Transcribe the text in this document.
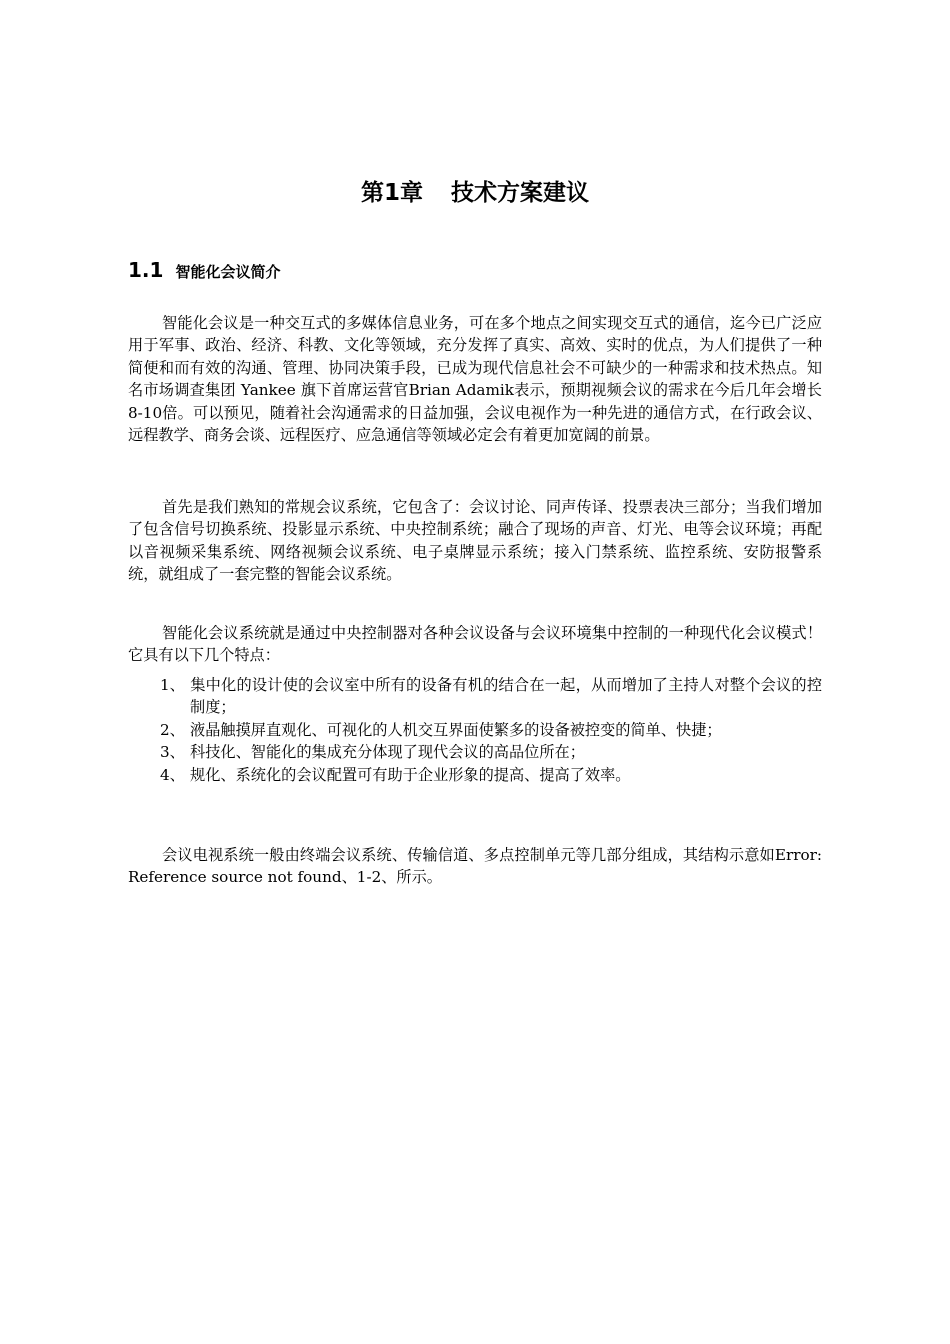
第1章 技术方案建议
1.1 智能化会议简介

智能化会议是一种交互式的多媒体信息业务，可在多个地点之间实现交互式的通信，迄今已广泛应用于军事、政治、经济、科教、文化等领域，充分发挥了真实、高效、实时的优点，为人们提供了一种简便和而有效的沟通、管理、协同决策手段，已成为现代信息社会不可缺少的一种需求和技术热点。知名市场调查集团 Yankee 旗下首席运营官Brian Adamik表示，预期视频会议的需求在今后几年会增长 8-10倍。可以预见，随着社会沟通需求的日益加强，会议电视作为一种先进的通信方式，在行政会议、远程教学、商务会谈、远程医疗、应急通信等领域必定会有着更加宽阔的前景。

首先是我们熟知的常规会议系统，它包含了：会议讨论、同声传译、投票表决三部分；当我们增加了包含信号切换系统、投影显示系统、中央控制系统；融合了现场的声音、灯光、电等会议环境；再配以音视频采集系统、网络视频会议系统、电子桌牌显示系统；接入门禁系统、监控系统、安防报警系统，就组成了一套完整的智能会议系统。

智能化会议系统就是通过中央控制器对各种会议设备与会议环境集中控制的一种现代化会议模式！它具有以下几个特点：

1、 集中化的设计使的会议室中所有的设备有机的结合在一起，从而增加了主持人对整个会议的控制度；
2、 液晶触摸屏直观化、可视化的人机交互界面使繁多的设备被控变的简单、快捷；
3、 科技化、智能化的集成充分体现了现代会议的高品位所在；
4、 规化、系统化的会议配置可有助于企业形象的提高、提高了效率。

会议电视系统一般由终端会议系统、传输信道、多点控制单元等几部分组成，其结构示意如Error: Reference source not found、1-2、所示。
